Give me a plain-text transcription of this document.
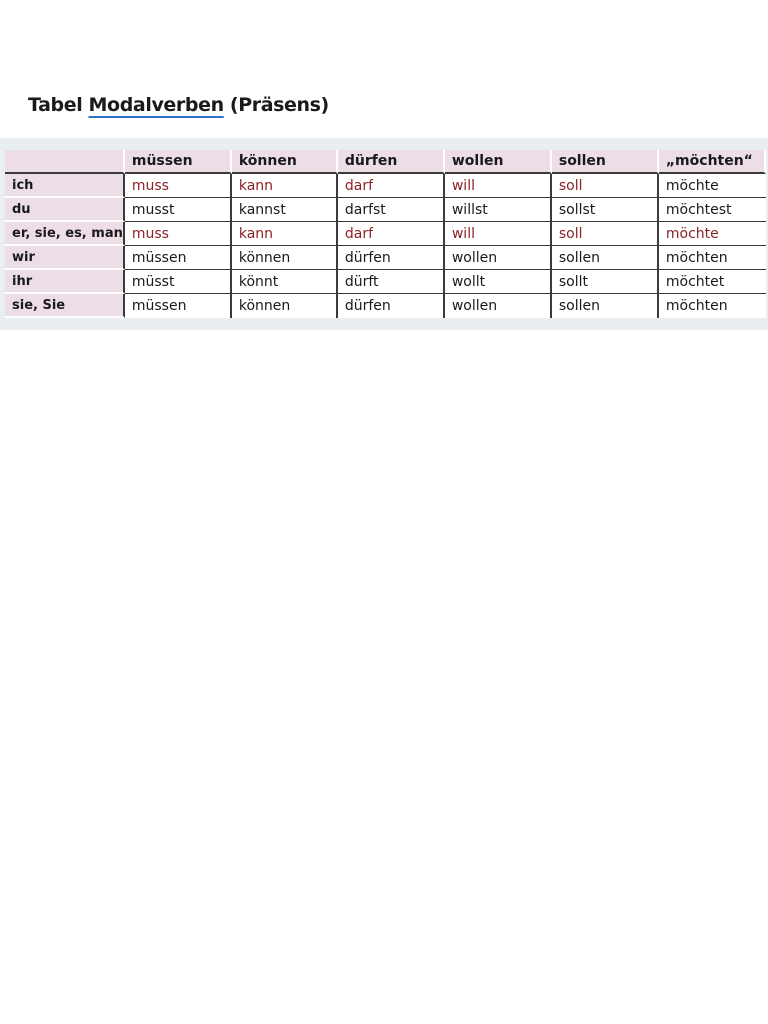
Tabel Modalverben (Präsens)
	müssen	können	dürfen	wollen	sollen	„möchten“
ich	muss	kann	darf	will	soll	möchte
du	musst	kannst	darfst	willst	sollst	möchtest
er, sie, es, man	muss	kann	darf	will	soll	möchte
wir	müssen	können	dürfen	wollen	sollen	möchten
ihr	müsst	könnt	dürft	wollt	sollt	möchtet
sie, Sie	müssen	können	dürfen	wollen	sollen	möchten
